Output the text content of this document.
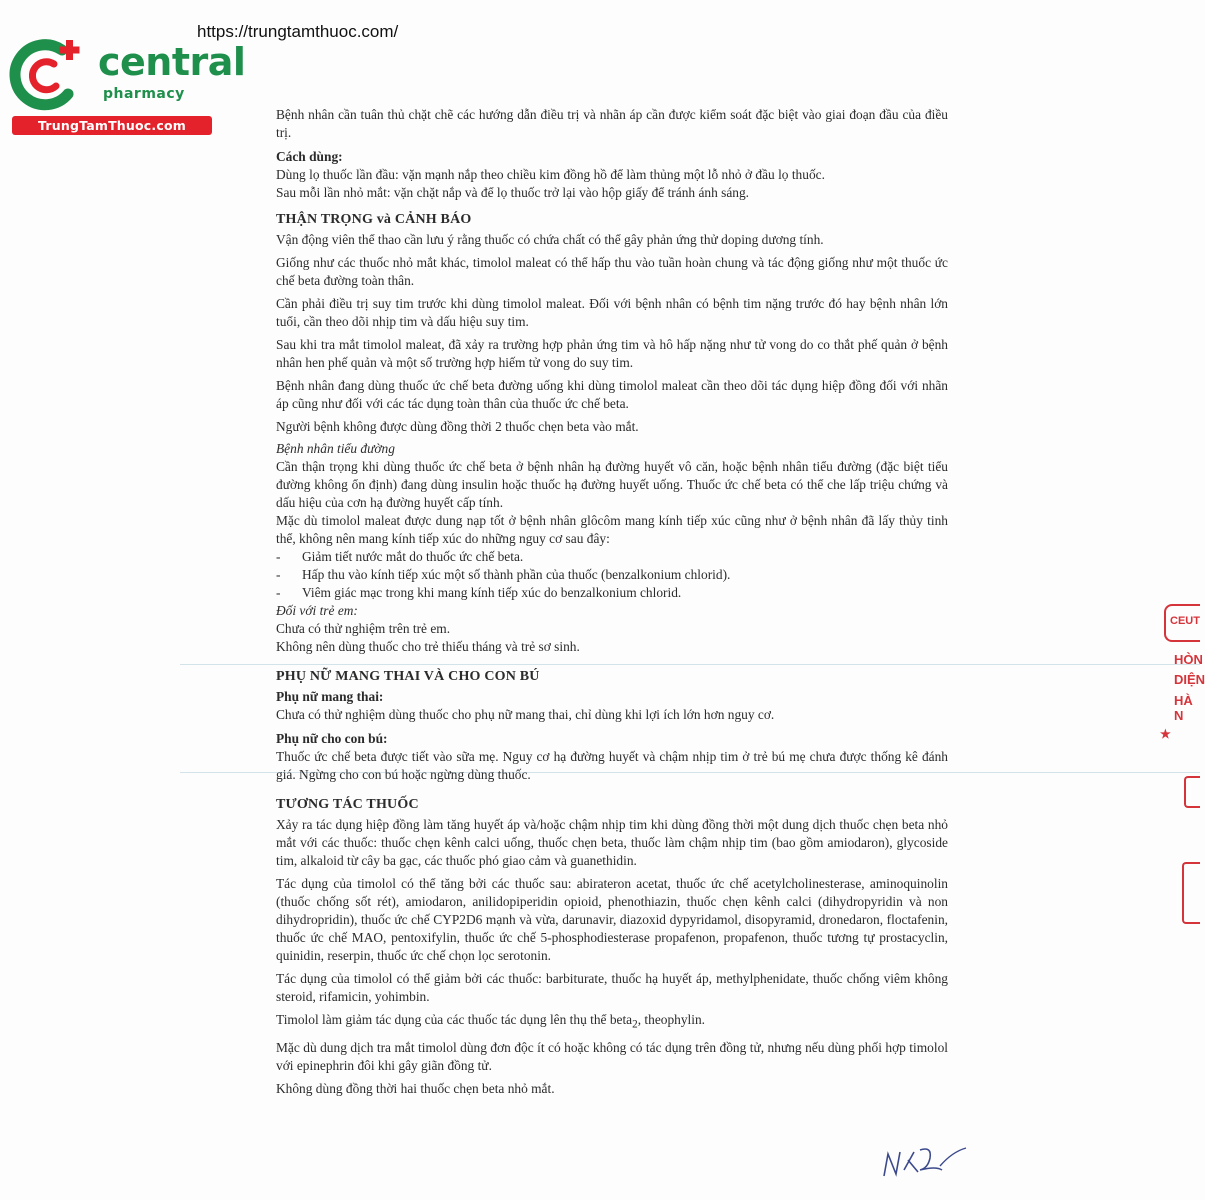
https://trungtamthuoc.com/
central
pharmacy
TrungTamThuoc.com
CEUT
HÒN
DIỆN
HÀ N
★

Bệnh nhân cần tuân thủ chặt chẽ các hướng dẫn điều trị và nhãn áp cần được kiểm soát đặc biệt vào giai đoạn đầu của điều trị.

Cách dùng:

Dùng lọ thuốc lần đầu: vặn mạnh nắp theo chiều kim đồng hồ để làm thủng một lỗ nhỏ ở đầu lọ thuốc.

Sau mỗi lần nhỏ mắt: vặn chặt nắp và để lọ thuốc trở lại vào hộp giấy để tránh ánh sáng.

THẬN TRỌNG và CẢNH BÁO

Vận động viên thể thao cần lưu ý rằng thuốc có chứa chất có thể gây phản ứng thử doping dương tính.

Giống như các thuốc nhỏ mắt khác, timolol maleat có thể hấp thu vào tuần hoàn chung và tác động giống như một thuốc ức chế beta đường toàn thân.

Cần phải điều trị suy tim trước khi dùng timolol maleat. Đối với bệnh nhân có bệnh tim nặng trước đó hay bệnh nhân lớn tuổi, cần theo dõi nhịp tim và dấu hiệu suy tim.

Sau khi tra mắt timolol maleat, đã xảy ra trường hợp phản ứng tim và hô hấp nặng như tử vong do co thắt phế quản ở bệnh nhân hen phế quản và một số trường hợp hiếm tử vong do suy tim.

Bệnh nhân đang dùng thuốc ức chế beta đường uống khi dùng timolol maleat cần theo dõi tác dụng hiệp đồng đối với nhãn áp cũng như đối với các tác dụng toàn thân của thuốc ức chế beta.

Người bệnh không được dùng đồng thời 2 thuốc chẹn beta vào mắt.

Bệnh nhân tiểu đường

Cần thận trọng khi dùng thuốc ức chế beta ở bệnh nhân hạ đường huyết vô căn, hoặc bệnh nhân tiểu đường (đặc biệt tiểu đường không ổn định) đang dùng insulin hoặc thuốc hạ đường huyết uống. Thuốc ức chế beta có thể che lấp triệu chứng và dấu hiệu của cơn hạ đường huyết cấp tính.

Mặc dù timolol maleat được dung nạp tốt ở bệnh nhân glôcôm mang kính tiếp xúc cũng như ở bệnh nhân đã lấy thủy tinh thể, không nên mang kính tiếp xúc do những nguy cơ sau đây:

- Giảm tiết nước mắt do thuốc ức chế beta.
- Hấp thu vào kính tiếp xúc một số thành phần của thuốc (benzalkonium chlorid).
- Viêm giác mạc trong khi mang kính tiếp xúc do benzalkonium chlorid.

Đối với trẻ em:

Chưa có thử nghiệm trên trẻ em.

Không nên dùng thuốc cho trẻ thiếu tháng và trẻ sơ sinh.

PHỤ NỮ MANG THAI VÀ CHO CON BÚ

Phụ nữ mang thai:

Chưa có thử nghiệm dùng thuốc cho phụ nữ mang thai, chỉ dùng khi lợi ích lớn hơn nguy cơ.

Phụ nữ cho con bú:

Thuốc ức chế beta được tiết vào sữa mẹ. Nguy cơ hạ đường huyết và chậm nhịp tim ở trẻ bú mẹ chưa được thống kê đánh giá. Ngừng cho con bú hoặc ngừng dùng thuốc.

TƯƠNG TÁC THUỐC

Xảy ra tác dụng hiệp đồng làm tăng huyết áp và/hoặc chậm nhịp tim khi dùng đồng thời một dung dịch thuốc chẹn beta nhỏ mắt với các thuốc: thuốc chẹn kênh calci uống, thuốc chẹn beta, thuốc làm chậm nhịp tim (bao gồm amiodaron), glycoside tim, alkaloid từ cây ba gạc, các thuốc phó giao cảm và guanethidin.

Tác dụng của timolol có thể tăng bởi các thuốc sau: abirateron acetat, thuốc ức chế acetylcholinesterase, aminoquinolin (thuốc chống sốt rét), amiodaron, anilidopiperidin opioid, phenothiazin, thuốc chẹn kênh calci (dihydropyridin và non dihydropridin), thuốc ức chế CYP2D6 mạnh và vừa, darunavir, diazoxid dypyridamol, disopyramid, dronedaron, floctafenin, thuốc ức chế MAO, pentoxifylin, thuốc ức chế 5-phosphodiesterase propafenon, propafenon, thuốc tương tự prostacyclin, quinidin, reserpin, thuốc ức chế chọn lọc serotonin.

Tác dụng của timolol có thể giảm bởi các thuốc: barbiturate, thuốc hạ huyết áp, methylphenidate, thuốc chống viêm không steroid, rifamicin, yohimbin.

Timolol làm giảm tác dụng của các thuốc tác dụng lên thụ thể beta$_2$, theophylin.

Mặc dù dung dịch tra mắt timolol dùng đơn độc ít có hoặc không có tác dụng trên đồng tử, nhưng nếu dùng phối hợp timolol với epinephrin đôi khi gây giãn đồng tử.

Không dùng đồng thời hai thuốc chẹn beta nhỏ mắt.
